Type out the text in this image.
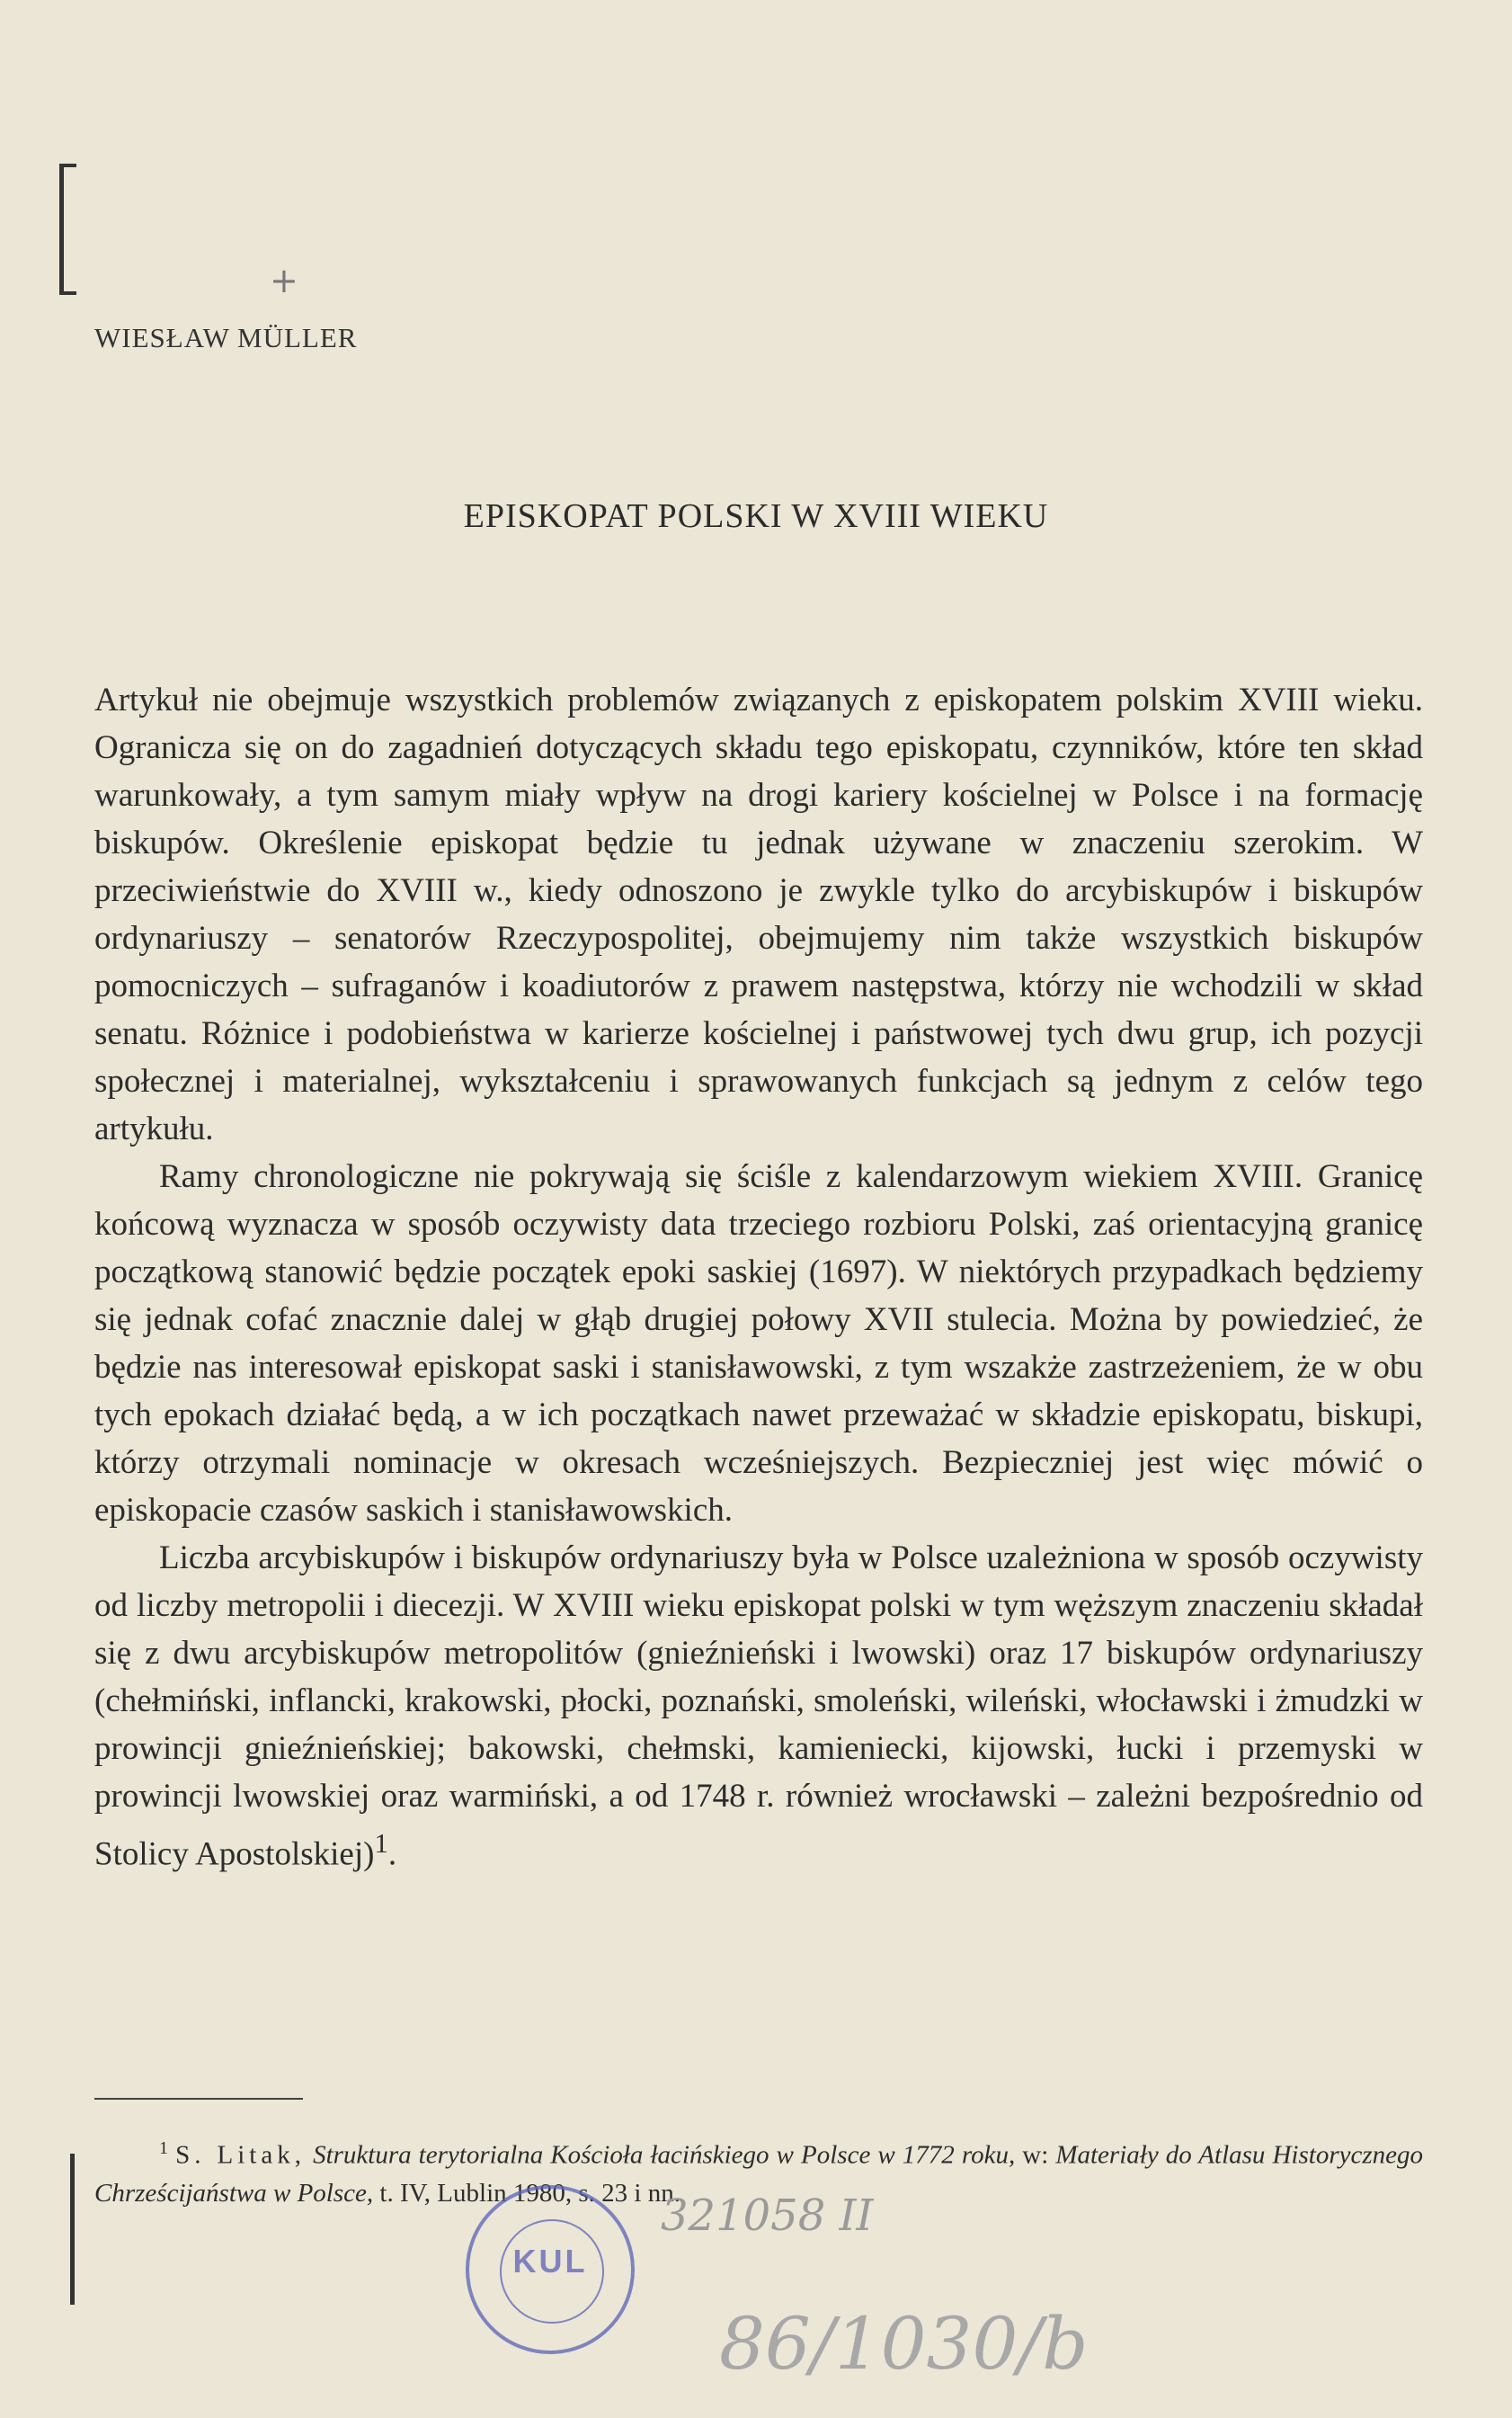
+
WIESŁAW MÜLLER
EPISKOPAT POLSKI W XVIII WIEKU

Artykuł nie obejmuje wszystkich problemów związanych z episkopatem polskim XVIII wieku. Ogranicza się on do zagadnień dotyczących składu tego episkopatu, czynników, które ten skład warunkowały, a tym samym miały wpływ na drogi kariery kościelnej w Polsce i na formację biskupów. Określenie episkopat będzie tu jednak używane w znaczeniu szerokim. W przeciwieństwie do XVIII w., kiedy odnoszono je zwykle tylko do arcybiskupów i biskupów ordynariuszy – senatorów Rzeczypospolitej, obejmujemy nim także wszystkich biskupów pomocniczych – sufraganów i koadiutorów z prawem następstwa, którzy nie wchodzili w skład senatu. Różnice i podobieństwa w karierze kościelnej i państwowej tych dwu grup, ich pozycji społecznej i materialnej, wykształceniu i sprawowanych funkcjach są jednym z celów tego artykułu.

Ramy chronologiczne nie pokrywają się ściśle z kalendarzowym wiekiem XVIII. Granicę końcową wyznacza w sposób oczywisty data trzeciego rozbioru Polski, zaś orientacyjną granicę początkową stanowić będzie początek epoki saskiej (1697). W niektórych przypadkach będziemy się jednak cofać znacznie dalej w głąb drugiej połowy XVII stulecia. Można by powiedzieć, że będzie nas interesował episkopat saski i stanisławowski, z tym wszakże zastrzeżeniem, że w obu tych epokach działać będą, a w ich początkach nawet przeważać w składzie episkopatu, biskupi, którzy otrzymali nominacje w okresach wcześniejszych. Bezpieczniej jest więc mówić o episkopacie czasów saskich i stanisławowskich.

Liczba arcybiskupów i biskupów ordynariuszy była w Polsce uzależniona w sposób oczywisty od liczby metropolii i diecezji. W XVIII wieku episkopat polski w tym węższym znaczeniu składał się z dwu arcybiskupów metropolitów (gnieźnieński i lwowski) oraz 17 biskupów ordynariuszy (chełmiński, inflancki, krakowski, płocki, poznański, smoleński, wileński, włocławski i żmudzki w prowincji gnieźnieńskiej; bakowski, chełmski, kamieniecki, kijowski, łucki i przemyski w prowincji lwowskiej oraz warmiński, a od 1748 r. również wrocławski – zależni bezpośrednio od Stolicy Apostolskiej)$^1$.

$^1$ S. Litak, Struktura terytorialna Kościoła łacińskiego w Polsce w 1772 roku, w: Materiały do Atlasu Historycznego Chrześcijaństwa w Polsce, t. IV, Lublin 1980, s. 23 i nn.
KUL
321058 II
86/1030/b
